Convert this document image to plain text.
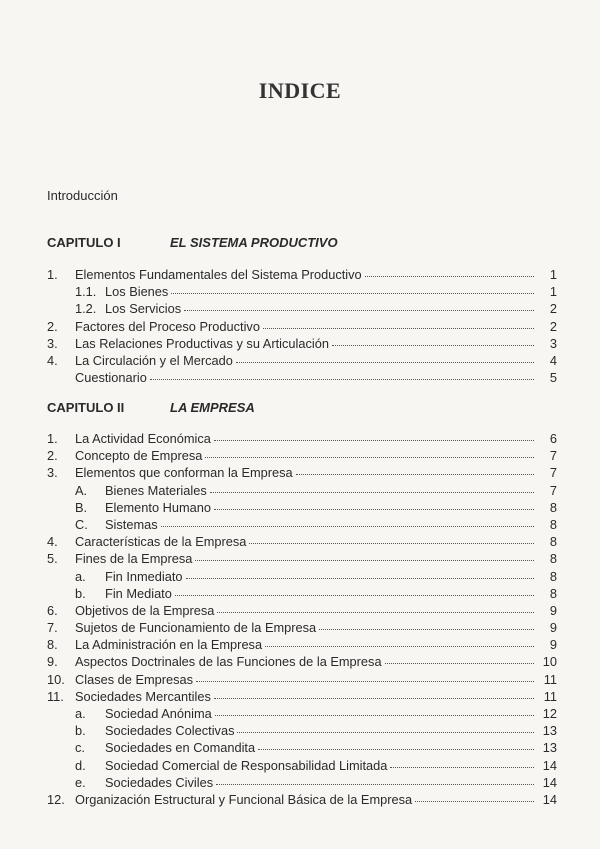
INDICE
Introducción
CAPITULO I	EL SISTEMA PRODUCTIVO
1.	Elementos Fundamentales del Sistema Productivo	1
1.1. Los Bienes	1
1.2. Los Servicios	2
2.	Factores del Proceso Productivo	2
3.	Las Relaciones Productivas y su Articulación	3
4.	La Circulación y el Mercado	4
Cuestionario	5
CAPITULO II	LA EMPRESA
1.	La Actividad Económica	6
2.	Concepto de Empresa	7
3.	Elementos que conforman la Empresa	7
A.	Bienes Materiales	7
B.	Elemento Humano	8
C.	Sistemas	8
4.	Características de la Empresa	8
5.	Fines de la Empresa	8
a.	Fin Inmediato	8
b.	Fin Mediato	8
6.	Objetivos de la Empresa	9
7.	Sujetos de Funcionamiento de la Empresa	9
8.	La Administración en la Empresa	9
9.	Aspectos Doctrinales de las Funciones de la Empresa	10
10. Clases de Empresas	11
11. Sociedades Mercantiles	11
a.	Sociedad Anónima	12
b.	Sociedades Colectivas	13
c.	Sociedades en Comandita	13
d.	Sociedad Comercial de Responsabilidad Limitada	14
e.	Sociedades Civiles	14
12. Organización Estructural y Funcional Básica de la Empresa	14
